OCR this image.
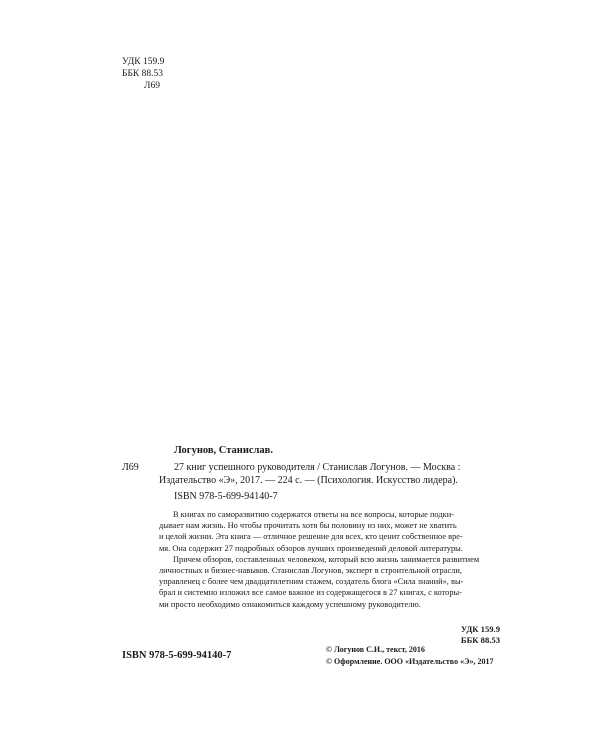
УДК 159.9
ББК 88.53
Л69
Логунов, Станислав.
Л69	27 книг успешного руководителя / Станислав Логунов. — Москва :
Издательство «Э», 2017. — 224 с. — (Психология. Искусство лидера).
ISBN 978-5-699-94140-7
В книгах по саморазвитию содержатся ответы на все вопросы, которые подки-
дывает нам жизнь. Но чтобы прочитать хотя бы половину из них, может не хватить
и целой жизни. Эта книга — отличное решение для всех, кто ценит собственное вре-
мя. Она содержит 27 подробных обзоров лучших произведений деловой литературы.
Причем обзоров, составленных человеком, который всю жизнь занимается развитием
личностных и бизнес-навыков. Станислав Логунов, эксперт в строительной отрасли,
управленец с более чем двадцатилетним стажем, создатель блога «Сила знаний», вы-
брал и системно изложил все самое важное из содержащегося в 27 книгах, с которы-
ми просто необходимо ознакомиться каждому успешному руководителю.
УДК 159.9
ББК 88.53
ISBN 978-5-699-94140-7
© Логунов С.И., текст, 2016
© Оформление. ООО «Издательство «Э», 2017
